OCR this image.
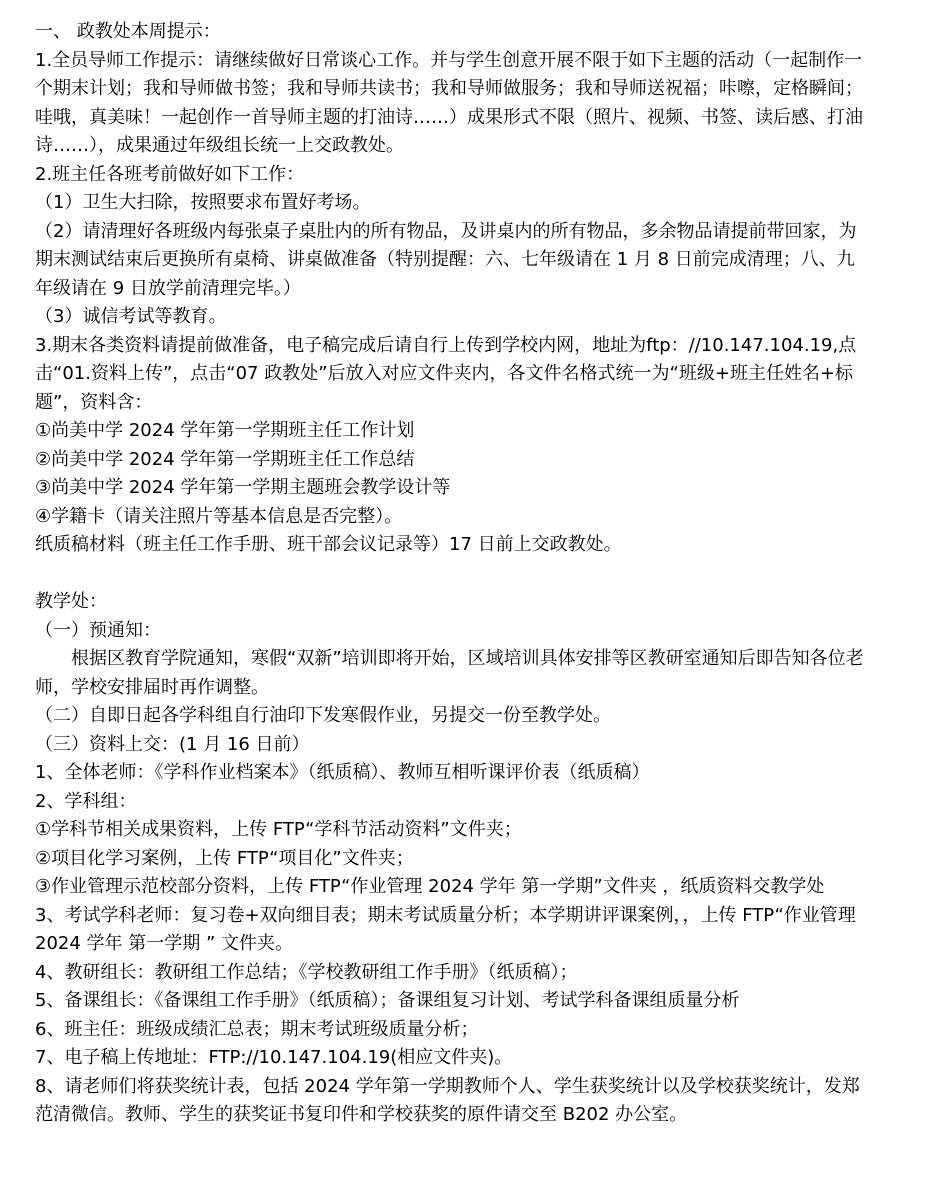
一、 政教处本周提示：

1.全员导师工作提示：请继续做好日常谈心工作。并与学生创意开展不限于如下主题的活动（一起制作一个期末计划；我和导师做书签；我和导师共读书；我和导师做服务；我和导师送祝福；咔嚓，定格瞬间；哇哦，真美味！一起创作一首导师主题的打油诗……）成果形式不限（照片、视频、书签、读后感、打油诗……），成果通过年级组长统一上交政教处。

2.班主任各班考前做好如下工作：

（1）卫生大扫除，按照要求布置好考场。

（2）请清理好各班级内每张桌子桌肚内的所有物品，及讲桌内的所有物品，多余物品请提前带回家，为期末测试结束后更换所有桌椅、讲桌做准备（特别提醒：六、七年级请在 1 月 8 日前完成清理；八、九年级请在 9 日放学前清理完毕。）

（3）诚信考试等教育。

3.期末各类资料请提前做准备，电子稿完成后请自行上传到学校内网，地址为ftp：//10.147.104.19,点击“01.资料上传”，点击“07 政教处”后放入对应文件夹内，各文件名格式统一为“班级+班主任姓名+标题”，资料含：

①尚美中学 2024 学年第一学期班主任工作计划

②尚美中学 2024 学年第一学期班主任工作总结

③尚美中学 2024 学年第一学期主题班会教学设计等

④学籍卡（请关注照片等基本信息是否完整）。

纸质稿材料（班主任工作手册、班干部会议记录等）17 日前上交政教处。

教学处：

（一）预通知：

根据区教育学院通知，寒假“双新”培训即将开始，区域培训具体安排等区教研室通知后即告知各位老师，学校安排届时再作调整。

（二）自即日起各学科组自行油印下发寒假作业，另提交一份至教学处。

（三）资料上交：(1 月 16 日前）

1、全体老师：《学科作业档案本》（纸质稿）、教师互相听课评价表（纸质稿）

2、学科组：

①学科节相关成果资料，上传 FTP“学科节活动资料”文件夹；

②项目化学习案例，上传 FTP“项目化”文件夹；

③作业管理示范校部分资料，上传 FTP“作业管理 2024 学年 第一学期”文件夹 ，纸质资料交教学处

3、考试学科老师：复习卷+双向细目表；期末考试质量分析；本学期讲评课案例，，上传 FTP“作业管理 2024 学年 第一学期 ” 文件夹。

4、教研组长：教研组工作总结；《学校教研组工作手册》（纸质稿）；

5、备课组长：《备课组工作手册》（纸质稿）；备课组复习计划、考试学科备课组质量分析

6、班主任：班级成绩汇总表；期末考试班级质量分析；

7、电子稿上传地址：FTP://10.147.104.19(相应文件夹)。

8、请老师们将获奖统计表，包括 2024 学年第一学期教师个人、学生获奖统计以及学校获奖统计，发郑范清微信。教师、学生的获奖证书复印件和学校获奖的原件请交至 B202 办公室。
